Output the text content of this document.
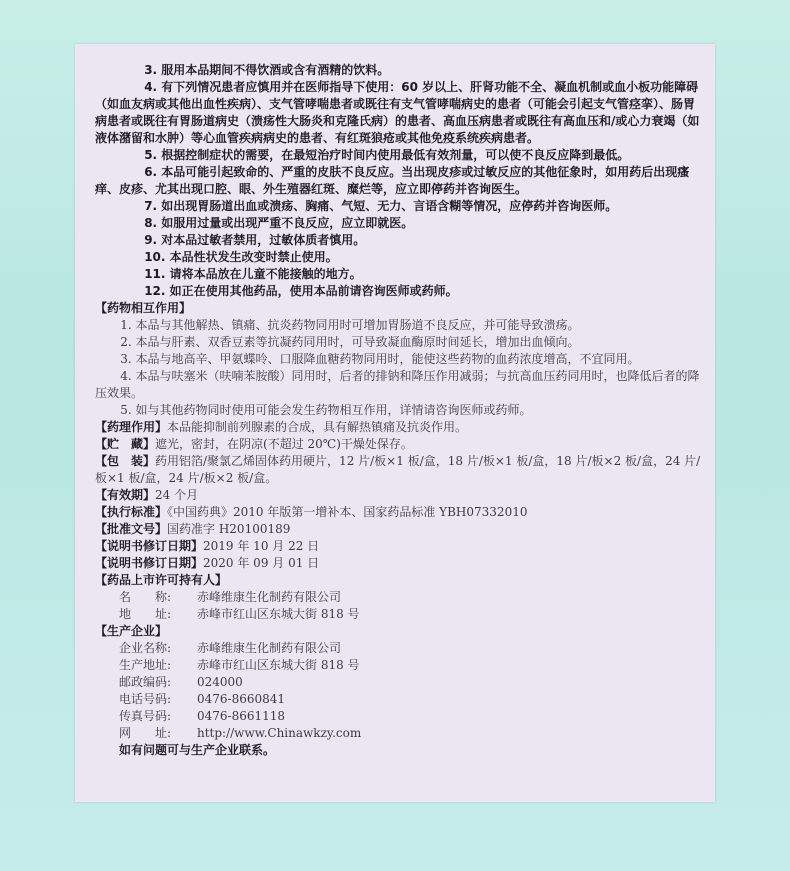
3. 服用本品期间不得饮酒或含有酒精的饮料。
4. 有下列情况患者应慎用并在医师指导下使用：60 岁以上、肝肾功能不全、凝血机制或血小板功能障碍（如血友病或其他出血性疾病）、支气管哮喘患者或既往有支气管哮喘病史的患者（可能会引起支气管痉挛）、肠胃病患者或既往有胃肠道病史（溃疡性大肠炎和克隆氏病）的患者、高血压病患者或既往有高血压和/或心力衰竭（如液体潴留和水肿）等心血管疾病病史的患者、有红斑狼疮或其他免疫系统疾病患者。
5. 根据控制症状的需要，在最短治疗时间内使用最低有效剂量，可以使不良反应降到最低。
6. 本品可能引起致命的、严重的皮肤不良反应。当出现皮疹或过敏反应的其他征象时，如用药后出现瘙痒、皮疹、尤其出现口腔、眼、外生殖器红斑、糜烂等，应立即停药并咨询医生。
7. 如出现胃肠道出血或溃疡、胸痛、气短、无力、言语含糊等情况，应停药并咨询医师。
8. 如服用过量或出现严重不良反应，应立即就医。
9. 对本品过敏者禁用，过敏体质者慎用。
10. 本品性状发生改变时禁止使用。
11. 请将本品放在儿童不能接触的地方。
12. 如正在使用其他药品，使用本品前请咨询医师或药师。
【药物相互作用】
1. 本品与其他解热、镇痛、抗炎药物同用时可增加胃肠道不良反应，并可能导致溃疡。
2. 本品与肝素、双香豆素等抗凝药同用时，可导致凝血酶原时间延长，增加出血倾向。
3. 本品与地高辛、甲氨蝶呤、口服降血糖药物同用时，能使这些药物的血药浓度增高，不宜同用。
4. 本品与呋塞米（呋喃苯胺酸）同用时，后者的排钠和降压作用减弱；与抗高血压药同用时，也降低后者的降压效果。
5. 如与其他药物同时使用可能会发生药物相互作用，详情请咨询医师或药师。
【药理作用】本品能抑制前列腺素的合成，具有解热镇痛及抗炎作用。
【贮　藏】遮光，密封，在阴凉(不超过 20℃)干燥处保存。
【包　装】药用铝箔/聚氯乙烯固体药用硬片，12 片/板×1 板/盒，18 片/板×1 板/盒，18 片/板×2 板/盒，24 片/板×1 板/盒，24 片/板×2 板/盒。
【有效期】24 个月
【执行标准】《中国药典》2010 年版第一增补本、国家药品标准 YBH07332010
【批准文号】国药准字 H20100189
【说明书修订日期】2019 年 10 月 22 日
【说明书修订日期】2020 年 09 月 01 日
【药品上市许可持有人】
名　　称: 赤峰维康生化制药有限公司
地　　址: 赤峰市红山区东城大街 818 号
【生产企业】
企业名称: 赤峰维康生化制药有限公司
生产地址: 赤峰市红山区东城大街 818 号
邮政编码: 024000
电话号码: 0476-8660841
传真号码: 0476-8661118
网　　址: http://www.Chinawkzy.com
如有问题可与生产企业联系。
